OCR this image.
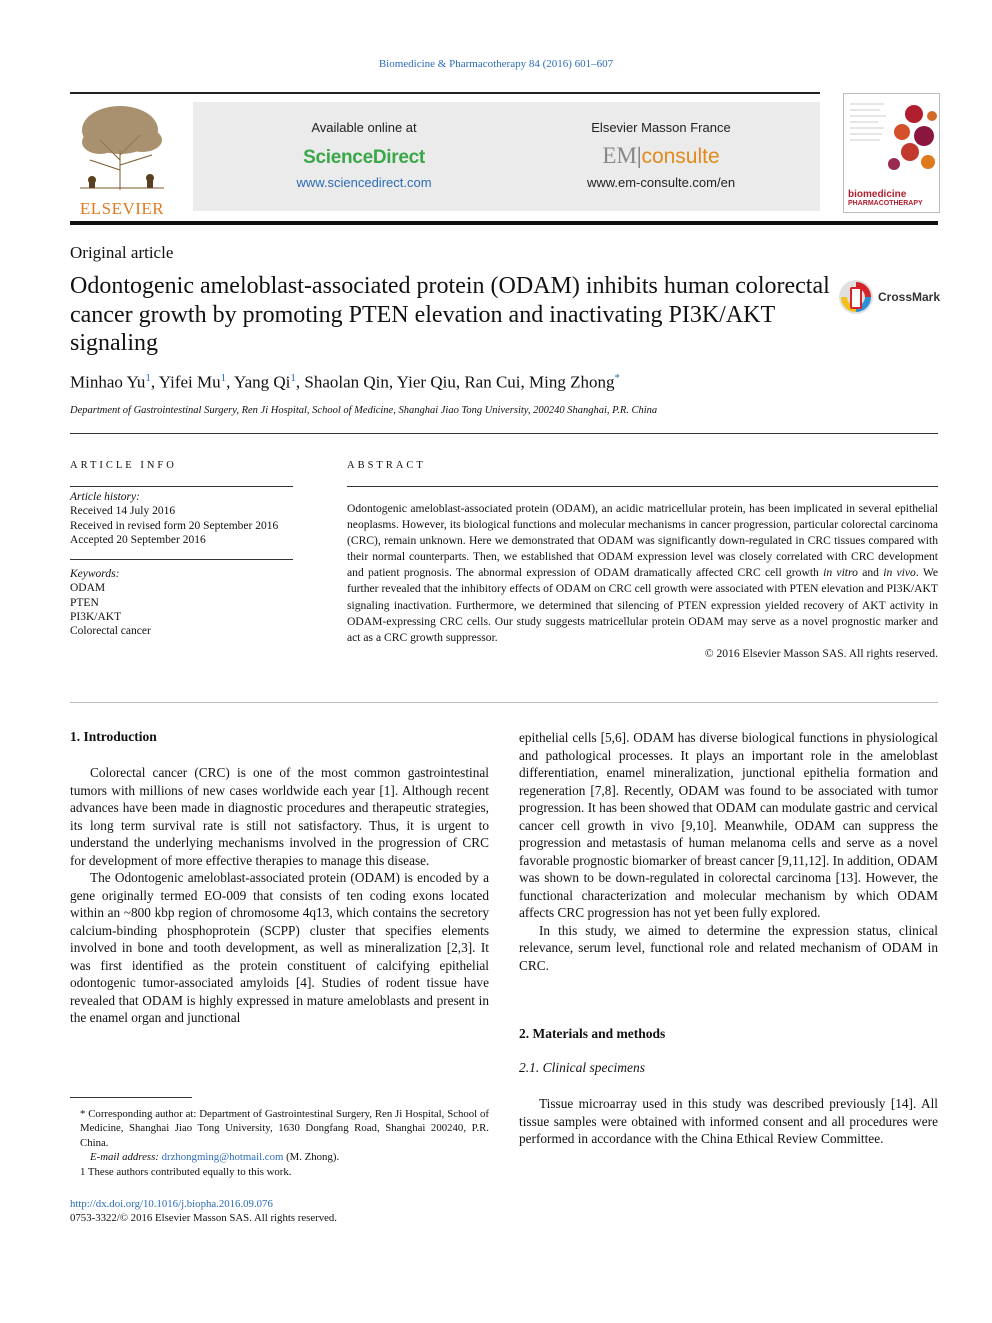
Biomedicine & Pharmacotherapy 84 (2016) 601–607
ELSEVIER
Available online at
ScienceDirect
www.sciencedirect.com
Elsevier Masson France
EM|consulte
www.em-consulte.com/en
biomedicine
PHARMACOTHERAPY
Original article
Odontogenic ameloblast-associated protein (ODAM) inhibits human colorectal cancer growth by promoting PTEN elevation and inactivating PI3K/AKT signaling
CrossMark
Minhao Yu$^1$, Yifei Mu$^1$, Yang Qi$^1$, Shaolan Qin, Yier Qiu, Ran Cui, Ming Zhong*
Department of Gastrointestinal Surgery, Ren Ji Hospital, School of Medicine, Shanghai Jiao Tong University, 200240 Shanghai, P.R. China
ARTICLE INFO
Article history:
Received 14 July 2016
Received in revised form 20 September 2016
Accepted 20 September 2016
Keywords:
ODAM
PTEN
PI3K/AKT
Colorectal cancer
ABSTRACT
Odontogenic ameloblast-associated protein (ODAM), an acidic matricellular protein, has been implicated in several epithelial neoplasms. However, its biological functions and molecular mechanisms in cancer progression, particular colorectal carcinoma (CRC), remain unknown. Here we demonstrated that ODAM was significantly down-regulated in CRC tissues compared with their normal counterparts. Then, we established that ODAM expression level was closely correlated with CRC development and patient prognosis. The abnormal expression of ODAM dramatically affected CRC cell growth in vitro and in vivo. We further revealed that the inhibitory effects of ODAM on CRC cell growth were associated with PTEN elevation and PI3K/AKT signaling inactivation. Furthermore, we determined that silencing of PTEN expression yielded recovery of AKT activity in ODAM-expressing CRC cells. Our study suggests matricellular protein ODAM may serve as a novel prognostic marker and act as a CRC growth suppressor.
© 2016 Elsevier Masson SAS. All rights reserved.
1. Introduction

Colorectal cancer (CRC) is one of the most common gastrointestinal tumors with millions of new cases worldwide each year [1]. Although recent advances have been made in diagnostic procedures and therapeutic strategies, its long term survival rate is still not satisfactory. Thus, it is urgent to understand the underlying mechanisms involved in the progression of CRC for development of more effective therapies to manage this disease.

The Odontogenic ameloblast-associated protein (ODAM) is encoded by a gene originally termed EO-009 that consists of ten coding exons located within an ~800 kbp region of chromosome 4q13, which contains the secretory calcium-binding phosphoprotein (SCPP) cluster that specifies elements involved in bone and tooth development, as well as mineralization [2,3]. It was first identified as the protein constituent of calcifying epithelial odontogenic tumor-associated amyloids [4]. Studies of rodent tissue have revealed that ODAM is highly expressed in mature ameloblasts and present in the enamel organ and junctional

* Corresponding author at: Department of Gastrointestinal Surgery, Ren Ji Hospital, School of Medicine, Shanghai Jiao Tong University, 1630 Dongfang Road, Shanghai 200240, P.R. China.
E-mail address: drzhongming@hotmail.com (M. Zhong).
1 These authors contributed equally to this work.
http://dx.doi.org/10.1016/j.biopha.2016.09.076
0753-3322/© 2016 Elsevier Masson SAS. All rights reserved.

epithelial cells [5,6]. ODAM has diverse biological functions in physiological and pathological processes. It plays an important role in the ameloblast differentiation, enamel mineralization, junctional epithelia formation and regeneration [7,8]. Recently, ODAM was found to be associated with tumor progression. It has been showed that ODAM can modulate gastric and cervical cancer cell growth in vivo [9,10]. Meanwhile, ODAM can suppress the progression and metastasis of human melanoma cells and serve as a novel favorable prognostic biomarker of breast cancer [9,11,12]. In addition, ODAM was shown to be down-regulated in colorectal carcinoma [13]. However, the functional characterization and molecular mechanism by which ODAM affects CRC progression has not yet been fully explored.

In this study, we aimed to determine the expression status, clinical relevance, serum level, functional role and related mechanism of ODAM in CRC.

2. Materials and methods
2.1. Clinical specimens

Tissue microarray used in this study was described previously [14]. All tissue samples were obtained with informed consent and all procedures were performed in accordance with the China Ethical Review Committee.
